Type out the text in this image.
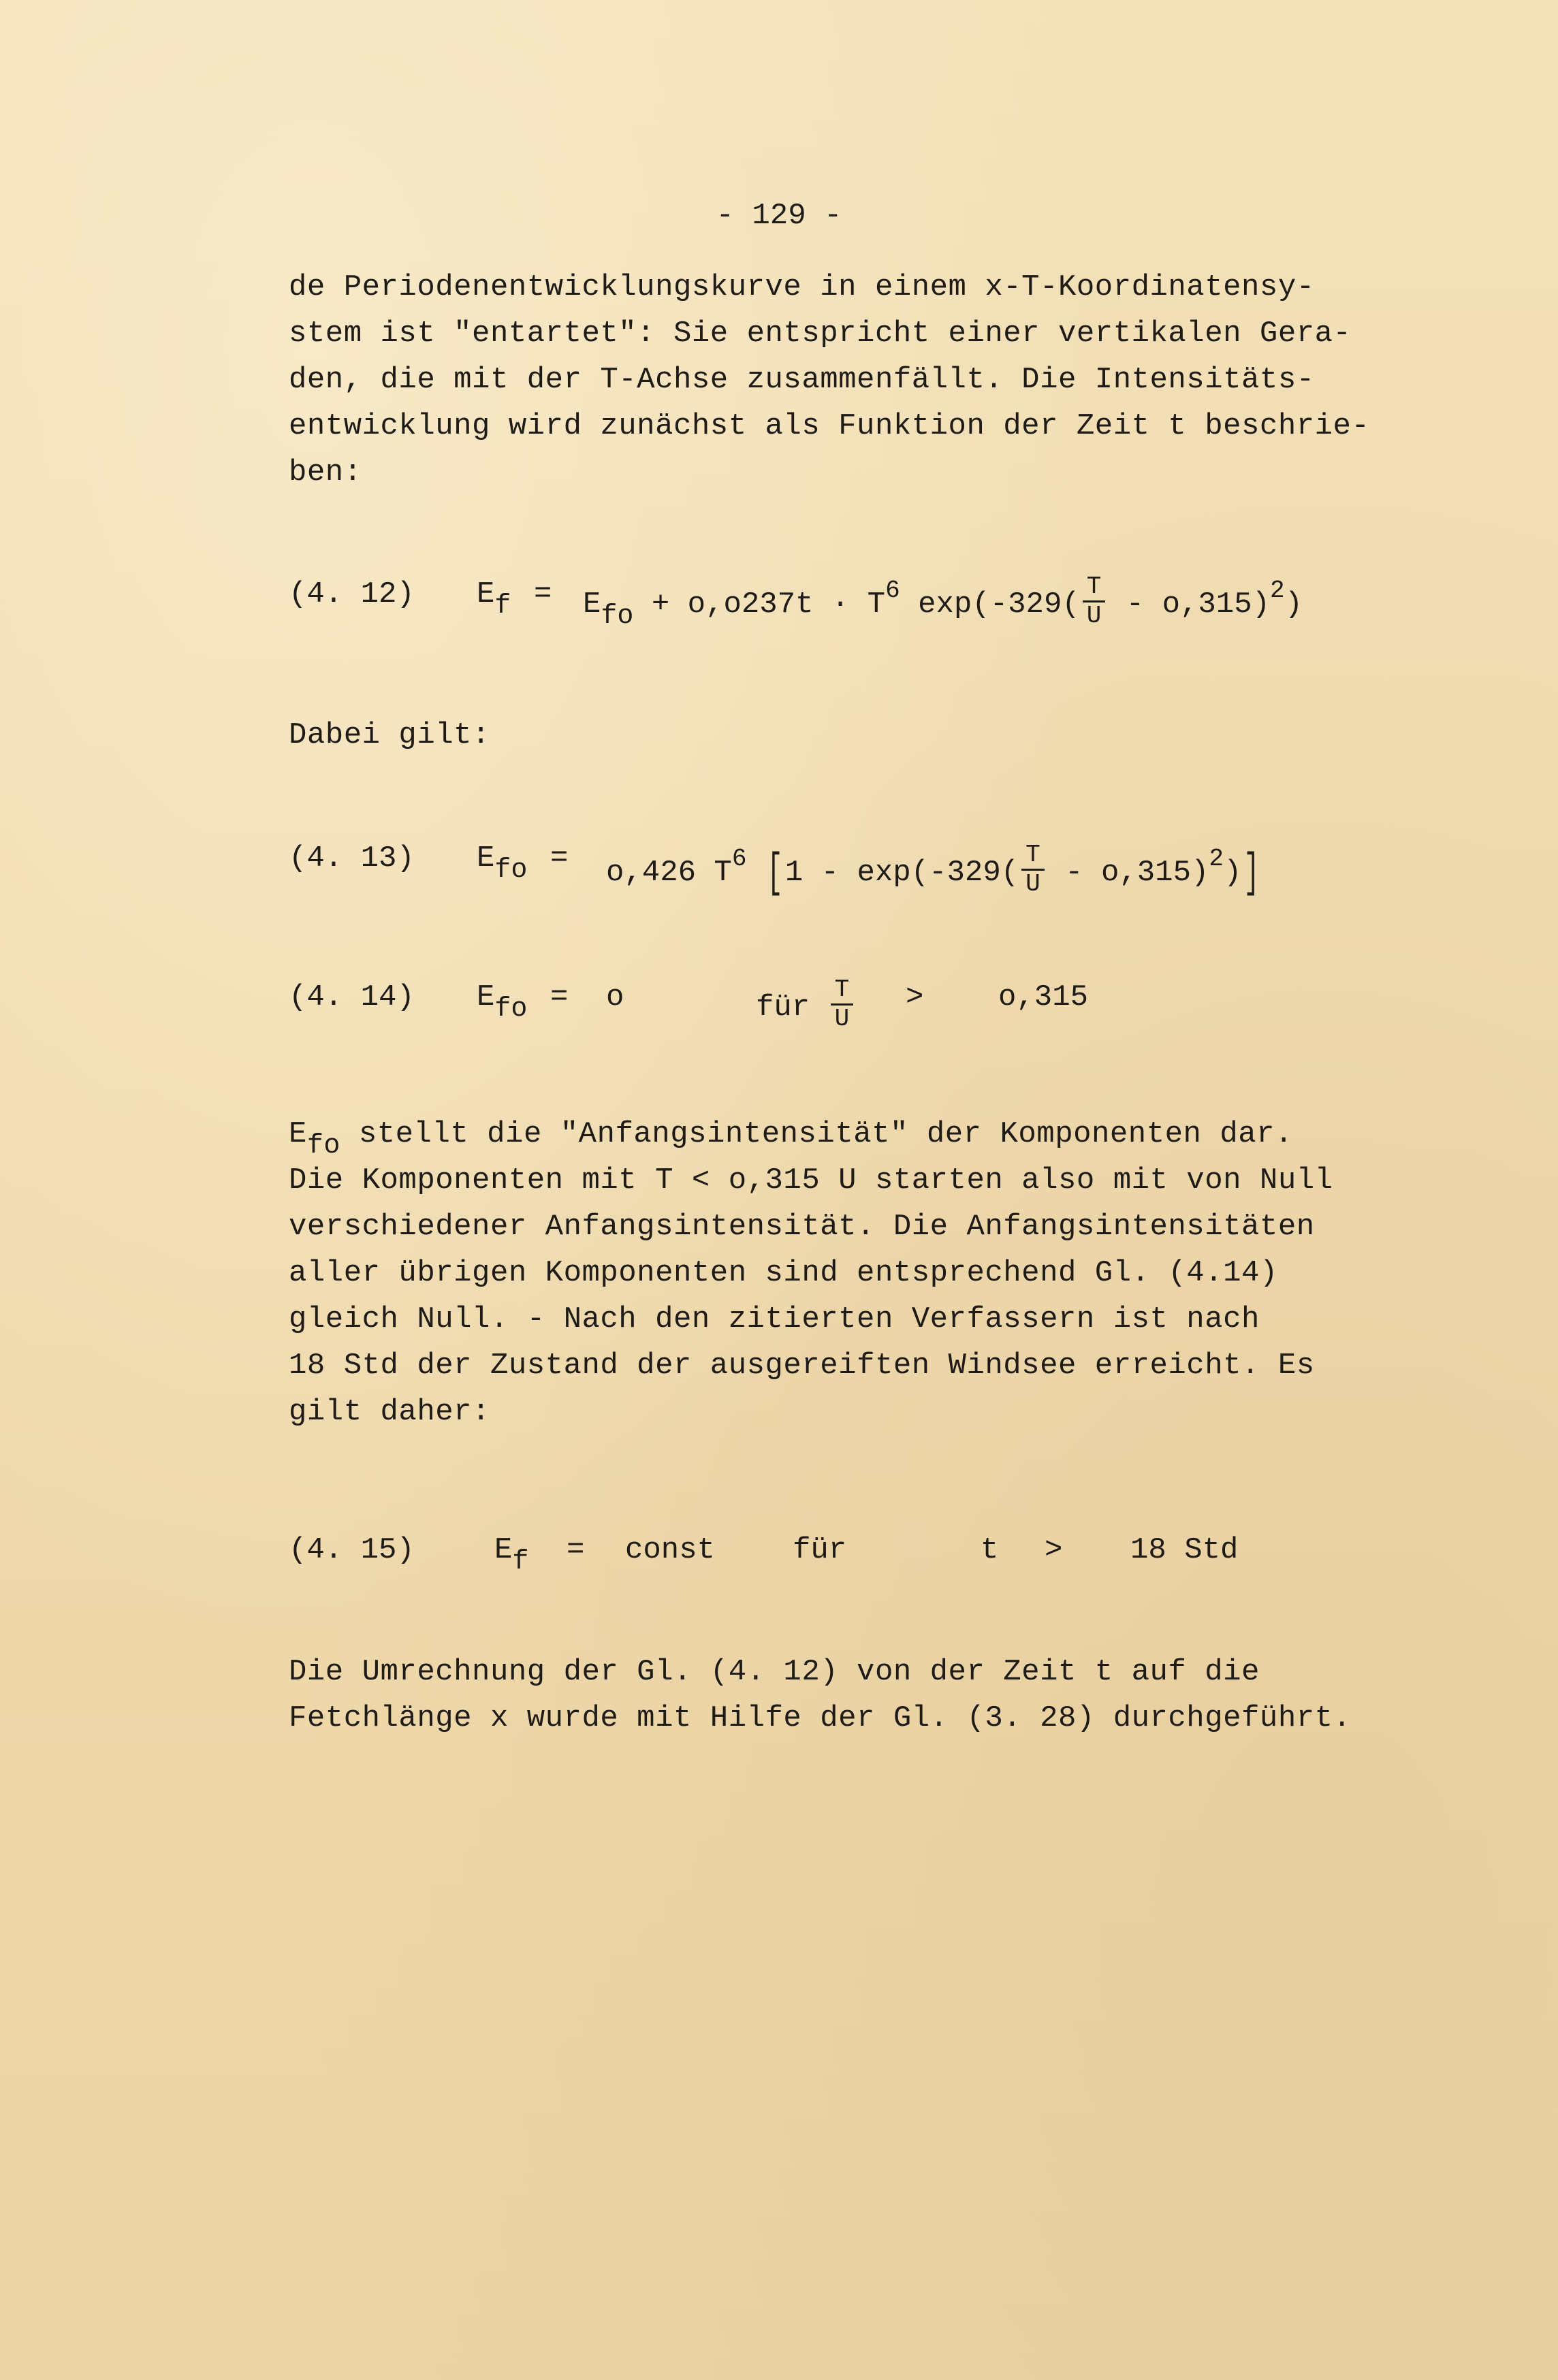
- 129 -
de Periodenentwicklungskurve in einem x-T-Koordinatensy-
stem ist "entartet": Sie entspricht einer vertikalen Gera-
den, die mit der T-Achse zusammenfällt. Die Intensitäts-
entwicklung wird zunächst als Funktion der Zeit t beschrie-
ben:
(4. 12) $E_f = E_{fo} + o,o237t \cdot T^6$ $\exp(-329( \frac{T}{U} - o,315)^2)$
Dabei gilt:
(4. 13) $E_{fo} = o,426$ $T^6$ $[1 - \exp(-329( \frac{T}{U} - o,315)^2)]$
(4. 14) $E_{fo} = o$	für $\frac{T}{U} > o,315$
$E_{fo}$ stellt die "Anfangsintensität" der Komponenten dar.
Die Komponenten mit T < o,315 U starten also mit von Null
verschiedener Anfangsintensität. Die Anfangsintensitäten
aller übrigen Komponenten sind entsprechend Gl. (4.14)
gleich Null. - Nach den zitierten Verfassern ist nach
18 Std der Zustand der ausgereiften Windsee erreicht. Es
gilt daher:
(4. 15)	$E_f$ = const	für	t > 18 Std
Die Umrechnung der Gl. (4. 12) von der Zeit t auf die
Fetchlänge x wurde mit Hilfe der Gl. (3. 28) durchgeführt.
